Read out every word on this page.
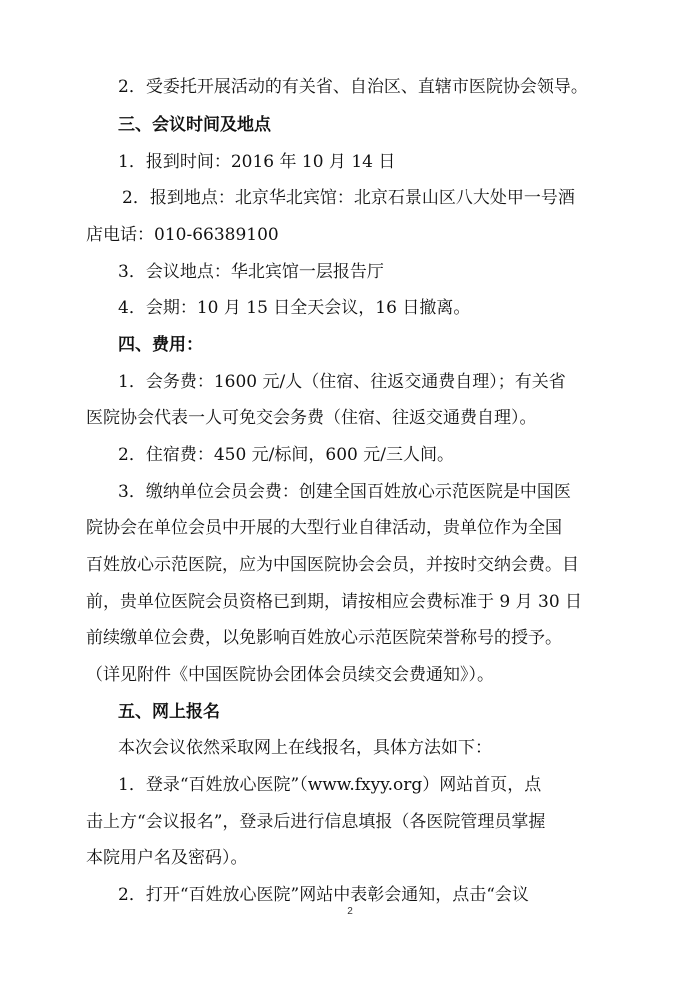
2．受委托开展活动的有关省、自治区、直辖市医院协会领导。
三、会议时间及地点
1．报到时间：2016 年 10 月 14 日
2．报到地点：北京华北宾馆：北京石景山区八大处甲一号酒
店电话：010-66389100
3．会议地点：华北宾馆一层报告厅
4．会期：10 月 15 日全天会议，16 日撤离。
四、费用：
1．会务费：1600 元/人（住宿、往返交通费自理）；有关省
医院协会代表一人可免交会务费（住宿、往返交通费自理）。
2．住宿费：450 元/标间，600 元/三人间。
3．缴纳单位会员会费：创建全国百姓放心示范医院是中国医
院协会在单位会员中开展的大型行业自律活动，贵单位作为全国
百姓放心示范医院，应为中国医院协会会员，并按时交纳会费。目
前，贵单位医院会员资格已到期，请按相应会费标准于 9 月 30 日
前续缴单位会费，以免影响百姓放心示范医院荣誉称号的授予。
（详见附件《中国医院协会团体会员续交会费通知》）。
五、网上报名
本次会议依然采取网上在线报名，具体方法如下：
1．登录“百姓放心医院”（www.fxyy.org）网站首页，点
击上方“会议报名”，登录后进行信息填报（各医院管理员掌握
本院用户名及密码）。
2．打开“百姓放心医院”网站中表彰会通知，点击“会议
2
